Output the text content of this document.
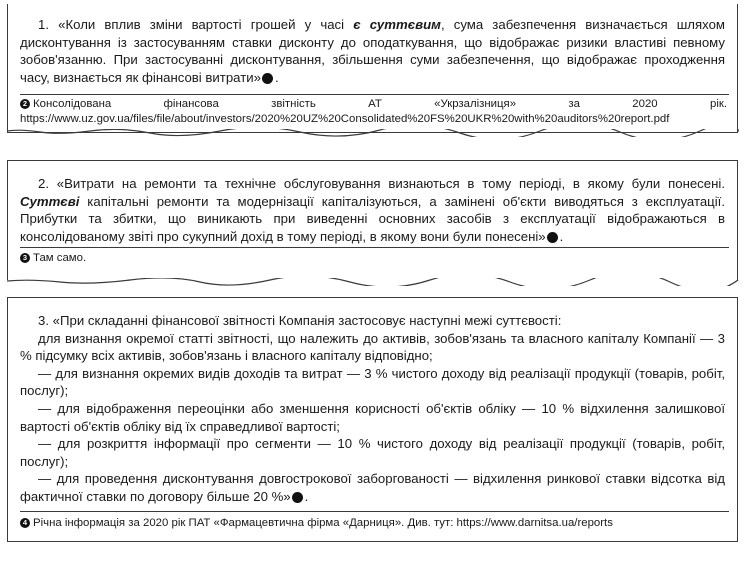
1. «Коли вплив зміни вартості грошей у часі є суттєвим, сума забезпечення визначається шляхом дисконтування із застосуванням ставки дисконту до оподаткування, що відображає ризики властиві певному зобов'язанню. При застосуванні дисконтування, збільшення суми забезпечення, що відображає проходження часу, визнається як фінансові витрати» 2.

2 Консолідована фінансова звітність АТ «Укрзалізниця» за 2020 рік. https://www.uz.gov.ua/files/file/about/investors/2020%20UZ%20Consolidated%20FS%20UKR%20with%20auditors%20report.pdf

2. «Витрати на ремонти та технічне обслуговування визнаються в тому періоді, в якому були понесені. Суттєві капітальні ремонти та модернізації капіталізуються, а замінені об'єкти виводяться з експлуатації. Прибутки та збитки, що виникають при виведенні основних засобів з експлуатації відображаються в консолідованому звіті про сукупний дохід в тому періоді, в якому вони були понесені» 3.

3 Там само.

3. «При складанні фінансової звітності Компанія застосовує наступні межі суттєвості:

для визнання окремої статті звітності, що належить до активів, зобов'язань та власного капіталу Компанії — 3 % підсумку всіх активів, зобов'язань і власного капіталу відповідно;

— для визнання окремих видів доходів та витрат — 3 % чистого доходу від реалізації продукції (товарів, робіт, послуг);

— для відображення переоцінки або зменшення корисності об'єктів обліку — 10 % відхилення залишкової вартості об'єктів обліку від їх справедливої вартості;

— для розкриття інформації про сегменти — 10 % чистого доходу від реалізації продукції (товарів, робіт, послуг);

— для проведення дисконтування довгострокової заборгованості — відхилення ринкової ставки відсотка від фактичної ставки по договору більше 20 %» 4.

4 Річна інформація за 2020 рік ПАТ «Фармацевтична фірма «Дарниця». Див. тут: https://www.darnitsa.ua/reports
